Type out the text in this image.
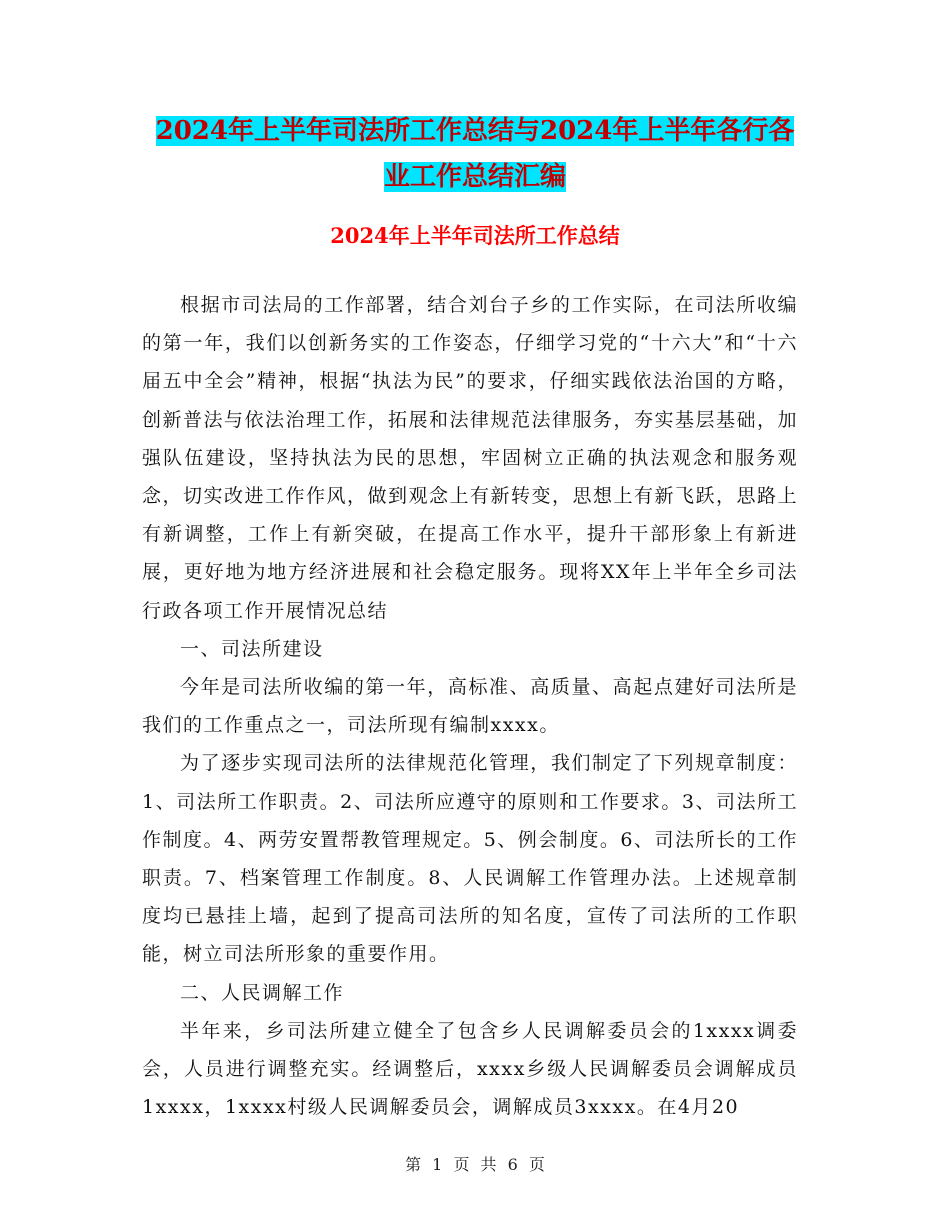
2024年上半年司法所工作总结与2024年上半年各行各
业工作总结汇编
2024年上半年司法所工作总结

根据市司法局的工作部署，结合刘台子乡的工作实际，在司法所收编的第一年，我们以创新务实的工作姿态，仔细学习党的“十六大”和“十六届五中全会”精神，根据“执法为民”的要求，仔细实践依法治国的方略，创新普法与依法治理工作，拓展和法律规范法律服务，夯实基层基础，加强队伍建设，坚持执法为民的思想，牢固树立正确的执法观念和服务观念，切实改进工作作风，做到观念上有新转变，思想上有新飞跃，思路上有新调整，工作上有新突破，在提高工作水平，提升干部形象上有新进展，更好地为地方经济进展和社会稳定服务。现将XX年上半年全乡司法行政各项工作开展情况总结

一、司法所建设

今年是司法所收编的第一年，高标准、高质量、高起点建好司法所是我们的工作重点之一，司法所现有编制xxxx。

为了逐步实现司法所的法律规范化管理，我们制定了下列规章制度：1、司法所工作职责。2、司法所应遵守的原则和工作要求。3、司法所工作制度。4、两劳安置帮教管理规定。5、例会制度。6、司法所长的工作职责。7、档案管理工作制度。8、人民调解工作管理办法。上述规章制度均已悬挂上墙，起到了提高司法所的知名度，宣传了司法所的工作职能，树立司法所形象的重要作用。

二、人民调解工作

半年来，乡司法所建立健全了包含乡人民调解委员会的1xxxx调委会，人员进行调整充实。经调整后，xxxx乡级人民调解委员会调解成员1xxxx，1xxxx村级人民调解委员会，调解成员3xxxx。在4月20

第 1 页 共 6 页
